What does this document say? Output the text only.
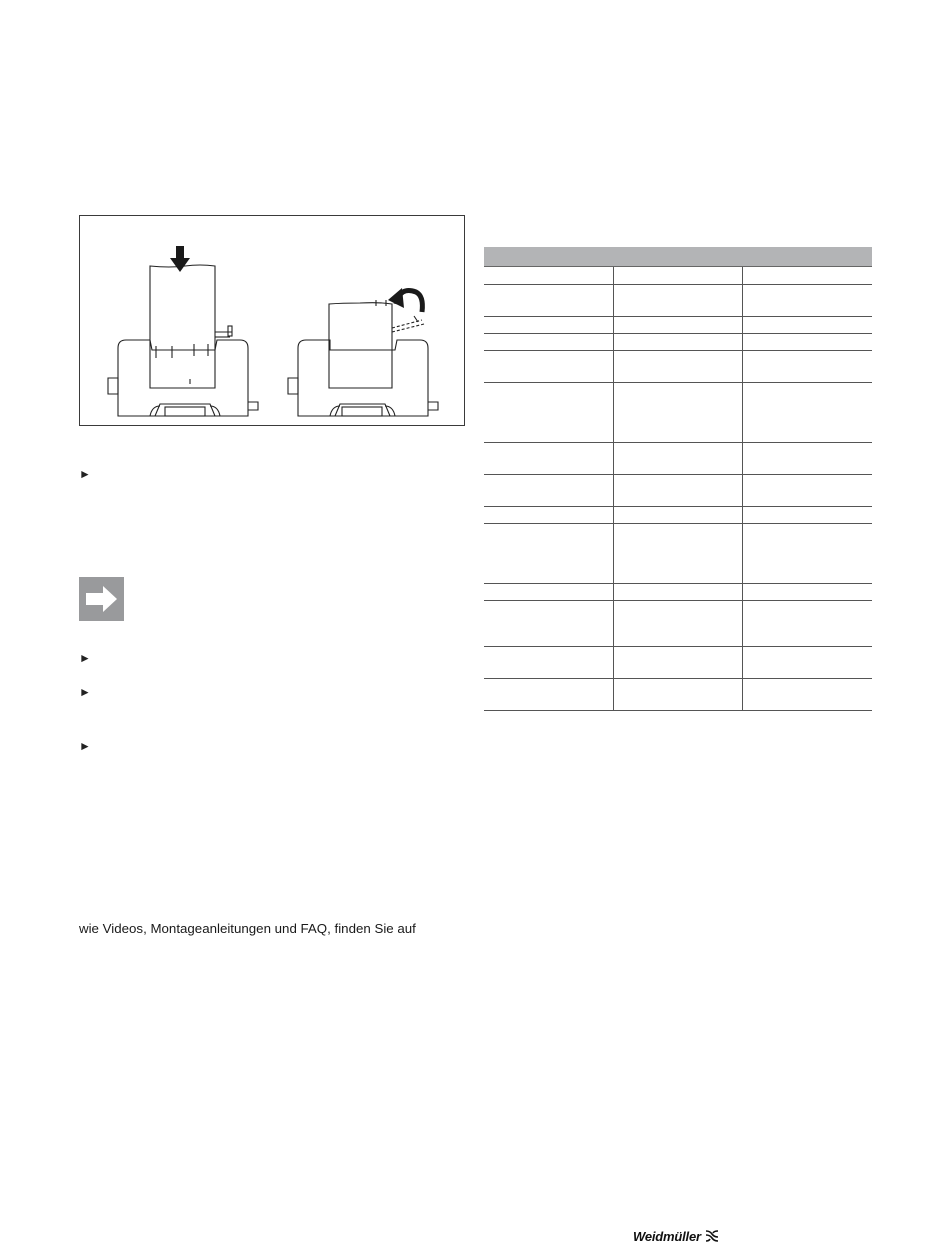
►
►
►
►
wie Videos, Montageanleitungen und FAQ, finden Sie auf

Weidmüller
